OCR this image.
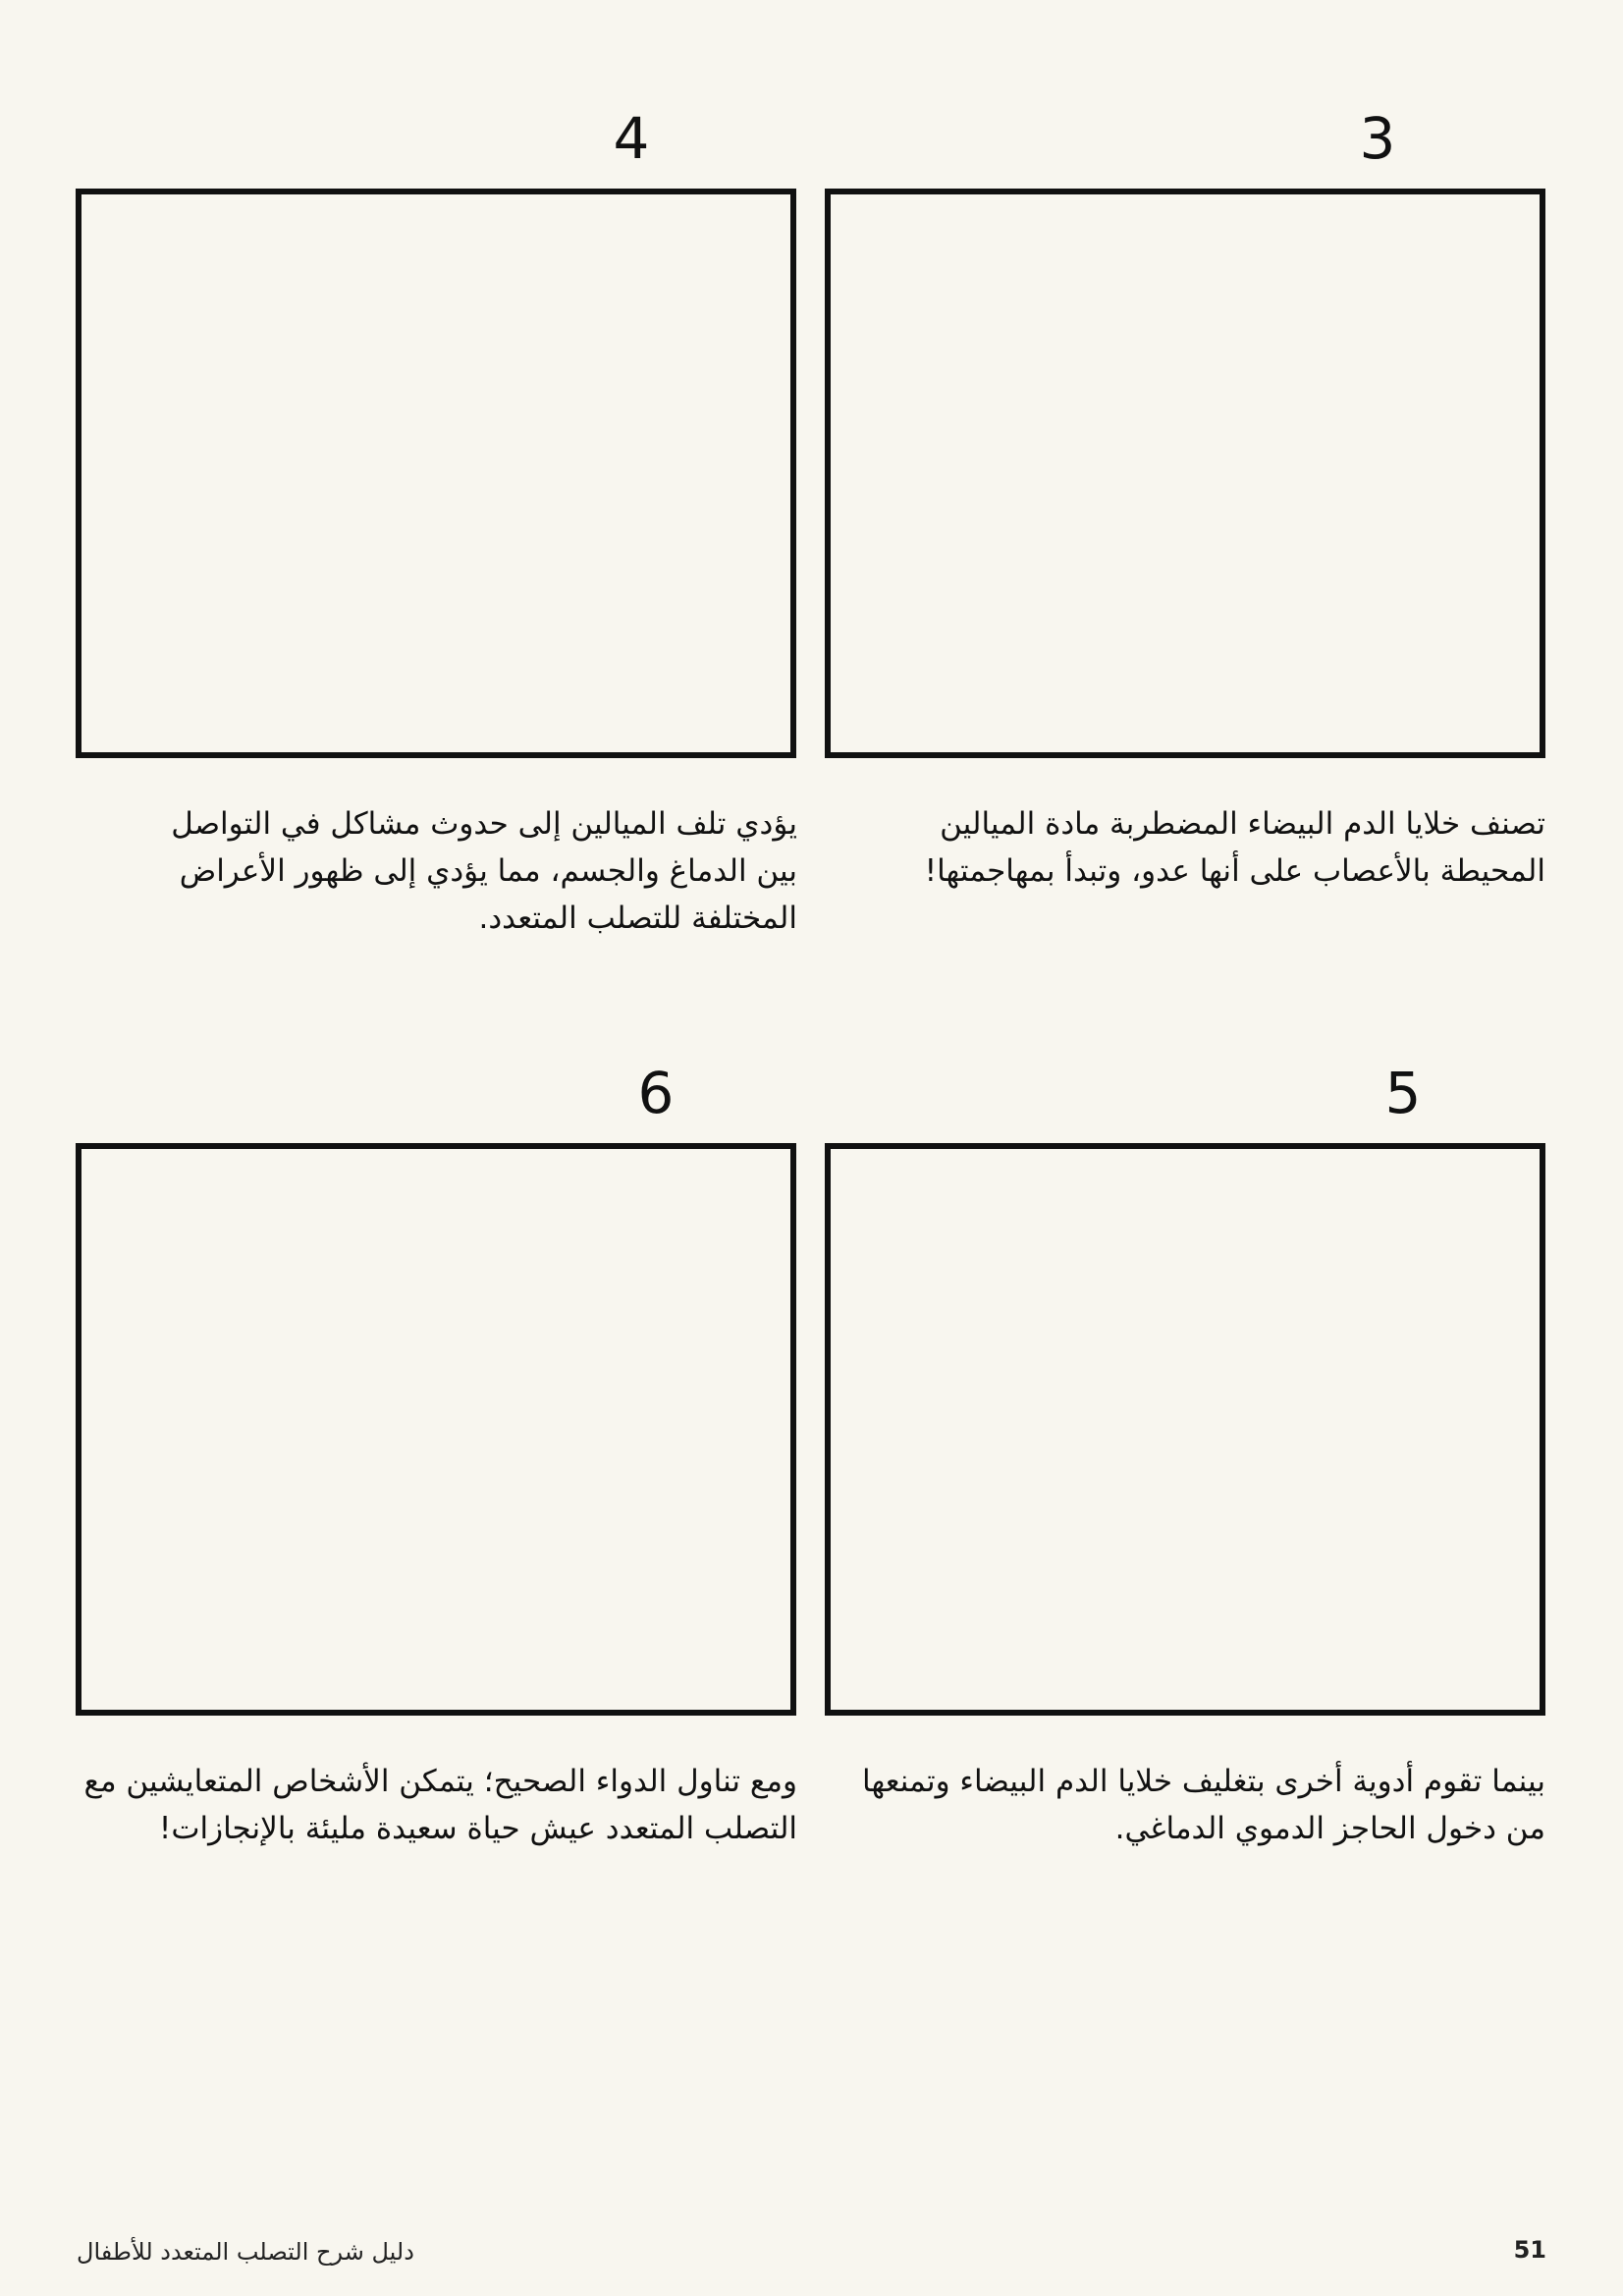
3

تصنف خلايا الدم البيضاء المضطربة مادة الميالين المحيطة بالأعصاب على أنها عدو، وتبدأ بمهاجمتها!

4

يؤدي تلف الميالين إلى حدوث مشاكل في التواصل بين الدماغ والجسم، مما يؤدي إلى ظهور الأعراض المختلفة للتصلب المتعدد.

5

بينما تقوم أدوية أخرى بتغليف خلايا الدم البيضاء وتمنعها من دخول الحاجز الدموي الدماغي.

6

ومع تناول الدواء الصحيح؛ يتمكن الأشخاص المتعايشين مع التصلب المتعدد عيش حياة سعيدة مليئة بالإنجازات!

دليل شرح التصلب المتعدد للأطفال	51
